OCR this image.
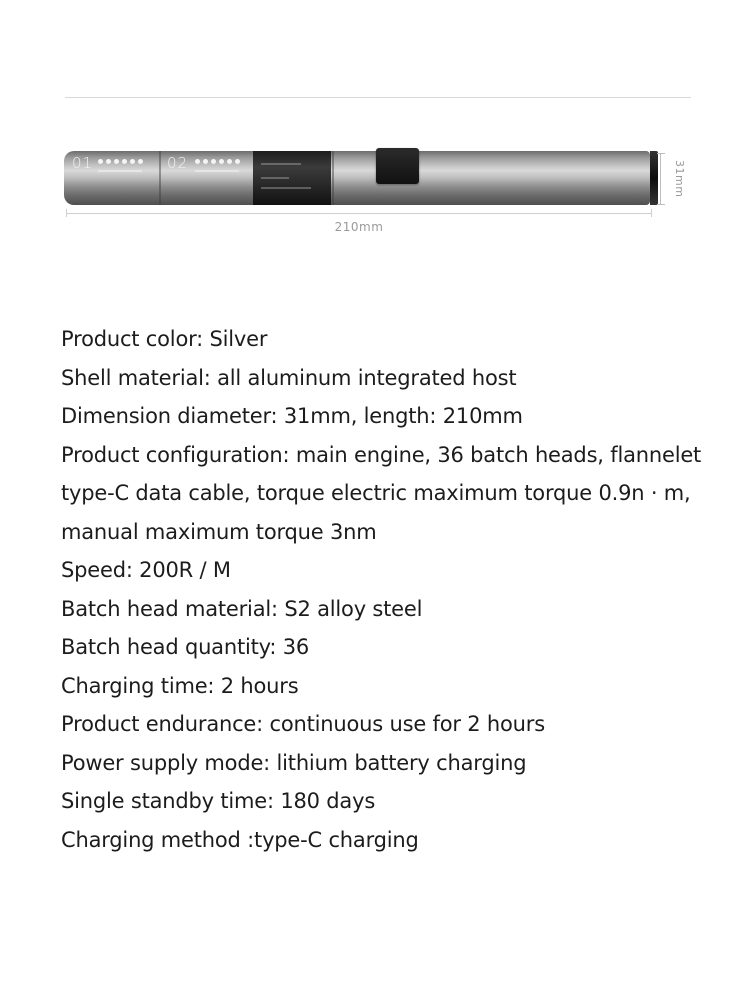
01	02	31mm
210mm
Product color: Silver
Shell material: all aluminum integrated host
Dimension diameter: 31mm, length: 210mm
Product configuration: main engine, 36 batch heads, flannelet
type-C data cable, torque electric maximum torque 0.9n · m,
manual maximum torque 3nm
Speed: 200R / M
Batch head material: S2 alloy steel
Batch head quantity: 36
Charging time: 2 hours
Product endurance: continuous use for 2 hours
Power supply mode: lithium battery charging
Single standby time: 180 days
Charging method :type-C charging
